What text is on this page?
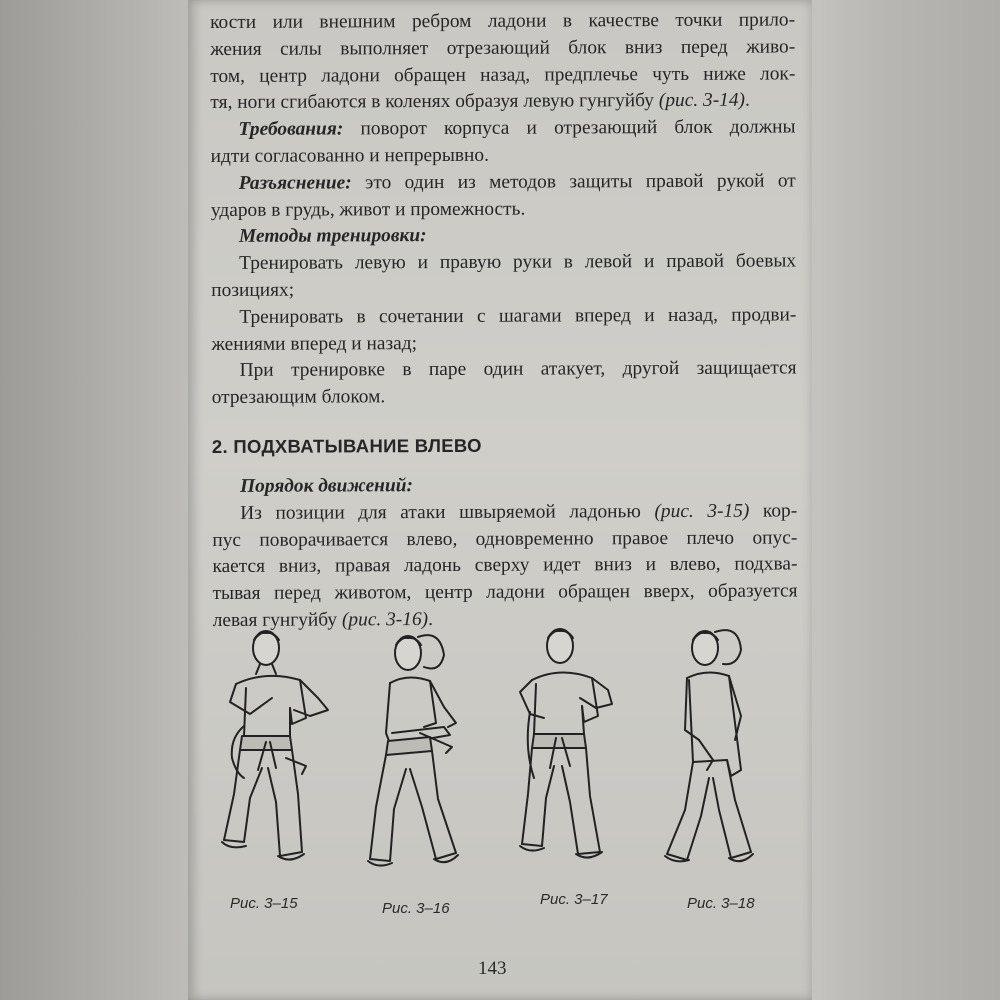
кости или внешним ребром ладони в качестве точки прило-
жения силы выполняет отрезающий блок вниз перед живо-
том, центр ладони обращен назад, предплечье чуть ниже лок-
тя, ноги сгибаются в коленях образуя левую гунгуйбу (рис. 3-14).
Требования: поворот корпуса и отрезающий блок должны
идти согласованно и непрерывно.
Разъяснение: это один из методов защиты правой рукой от
ударов в грудь, живот и промежность.
Методы тренировки:
Тренировать левую и правую руки в левой и правой боевых
позициях;
Тренировать в сочетании с шагами вперед и назад, продви-
жениями вперед и назад;
При тренировке в паре один атакует, другой защищается
отрезающим блоком.
2. ПОДХВАТЫВАНИЕ ВЛЕВО
Порядок движений:
Из позиции для атаки швыряемой ладонью (рис. 3-15) кор-
пус поворачивается влево, одновременно правое плечо опус-
кается вниз, правая ладонь сверху идет вниз и влево, подхва-
тывая перед животом, центр ладони обращен вверх, образуется
левая гунгуйбу (рис. 3-16).
Рис. 3–15	Рис. 3–16
Рис. 3–17	Рис. 3–18
143
